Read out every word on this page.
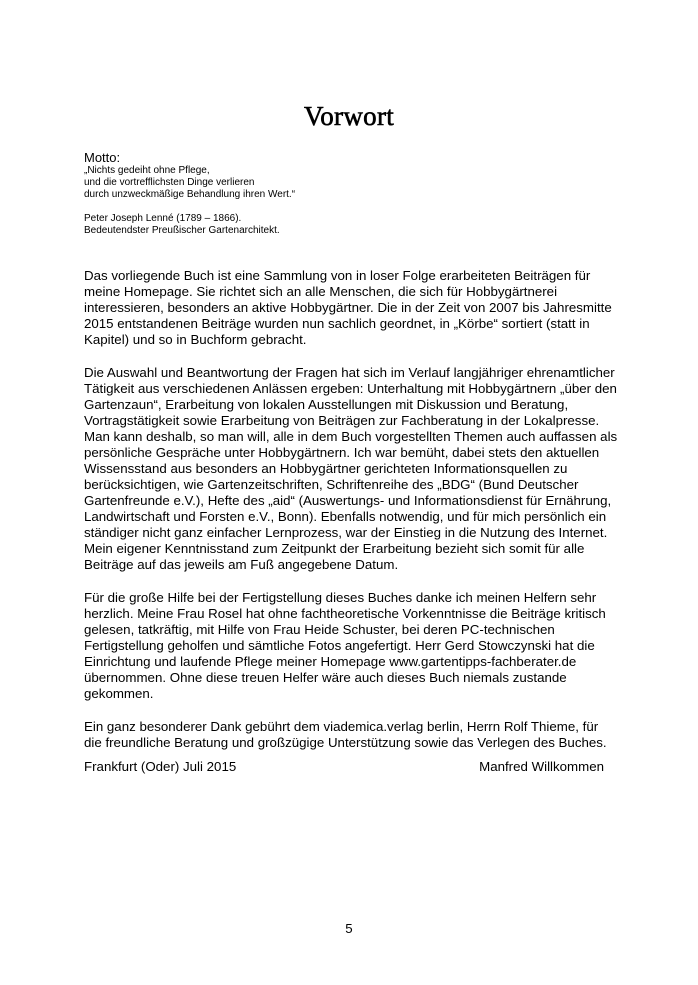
Vorwort

Motto:

„Nichts gedeiht ohne Pflege,

und die vortrefflichsten Dinge verlieren

durch unzweckmäßige Behandlung ihren Wert.“

Peter Joseph Lenné (1789 – 1866).

Bedeutendster Preußischer Gartenarchitekt.

Das vorliegende Buch ist eine Sammlung von in loser Folge erarbeiteten Beiträgen für

meine Homepage. Sie richtet sich an alle Menschen, die sich für Hobbygärtnerei

interessieren, besonders an aktive Hobbygärtner. Die in der Zeit von 2007 bis Jahresmitte

2015 entstandenen Beiträge wurden nun sachlich geordnet, in „Körbe“ sortiert (statt in

Kapitel) und so in Buchform gebracht.

Die Auswahl und Beantwortung der Fragen hat sich im Verlauf langjähriger ehrenamtlicher

Tätigkeit aus verschiedenen Anlässen ergeben: Unterhaltung mit Hobbygärtnern „über den

Gartenzaun“, Erarbeitung von lokalen Ausstellungen mit Diskussion und Beratung,

Vortragstätigkeit sowie Erarbeitung von Beiträgen zur Fachberatung in der Lokalpresse.

Man kann deshalb, so man will, alle in dem Buch vorgestellten Themen auch auffassen als

persönliche Gespräche unter Hobbygärtnern. Ich war bemüht, dabei stets den aktuellen

Wissensstand aus besonders an Hobbygärtner gerichteten Informationsquellen zu

berücksichtigen, wie Gartenzeitschriften, Schriftenreihe des „BDG“ (Bund Deutscher

Gartenfreunde e.V.), Hefte des „aid“ (Auswertungs- und Informationsdienst für Ernährung,

Landwirtschaft und Forsten e.V., Bonn). Ebenfalls notwendig, und für mich persönlich ein

ständiger nicht ganz einfacher Lernprozess, war der Einstieg in die Nutzung des Internet.

Mein eigener Kenntnisstand zum Zeitpunkt der Erarbeitung bezieht sich somit für alle

Beiträge auf das jeweils am Fuß angegebene Datum.

Für die große Hilfe bei der Fertigstellung dieses Buches danke ich meinen Helfern sehr

herzlich. Meine Frau Rosel hat ohne fachtheoretische Vorkenntnisse die Beiträge kritisch

gelesen, tatkräftig, mit Hilfe von Frau Heide Schuster, bei deren PC-technischen

Fertigstellung geholfen und sämtliche Fotos angefertigt. Herr Gerd Stowczynski hat die

Einrichtung und laufende Pflege meiner Homepage www.gartentipps-fachberater.de

übernommen. Ohne diese treuen Helfer wäre auch dieses Buch niemals zustande

gekommen.

Ein ganz besonderer Dank gebührt dem viademica.verlag berlin, Herrn Rolf Thieme, für

die freundliche Beratung und großzügige Unterstützung sowie das Verlegen des Buches.

Frankfurt (Oder) Juli 2015	Manfred Willkommen
5
